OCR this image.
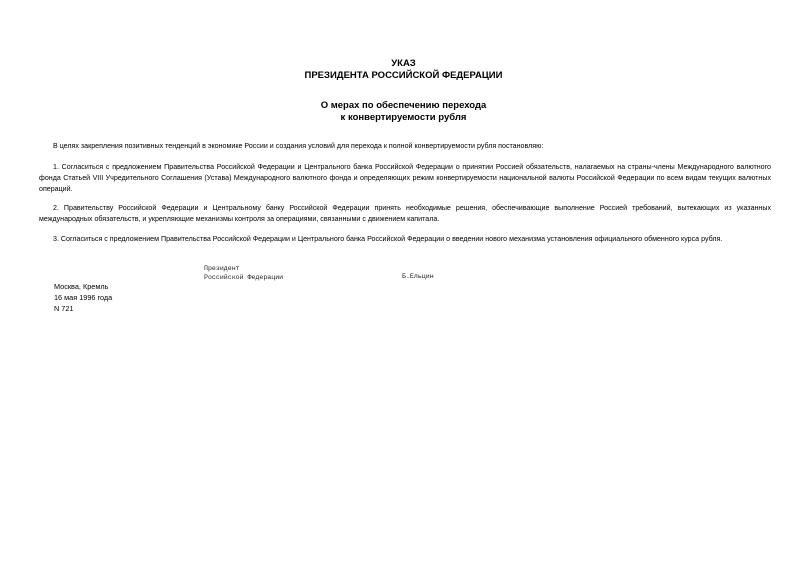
УКАЗ
ПРЕЗИДЕНТА РОССИЙСКОЙ ФЕДЕРАЦИИ
О мерах по обеспечению перехода
к конвертируемости рубля

В целях закрепления позитивных тенденций в экономике России и создания условий для перехода к полной конвертируемости рубля постановляю:

1. Согласиться с предложением Правительства Российской Федерации и Центрального банка Российской Федерации о принятии Россией обязательств, налагаемых на страны-члены Международного валютного фонда Статьей VIII Учредительного Соглашения (Устава) Международного валютного фонда и определяющих режим конвертируемости национальной валюты Российской Федерации по всем видам текущих валютных операций.

2. Правительству Российской Федерации и Центральному банку Российской Федерации принять необходимые решения, обеспечивающие выполнение Россией требований, вытекающих из указанных международных обязательств, и укрепляющие механизмы контроля за операциями, связанными с движением капитала.

3. Согласиться с предложением Правительства Российской Федерации и Центрального банка Российской Федерации о введении нового механизма установления официального обменного курса рубля.

Президент
Российской Федерации	Б.Ельцин
Москва, Кремль
16 мая 1996 года
N 721
